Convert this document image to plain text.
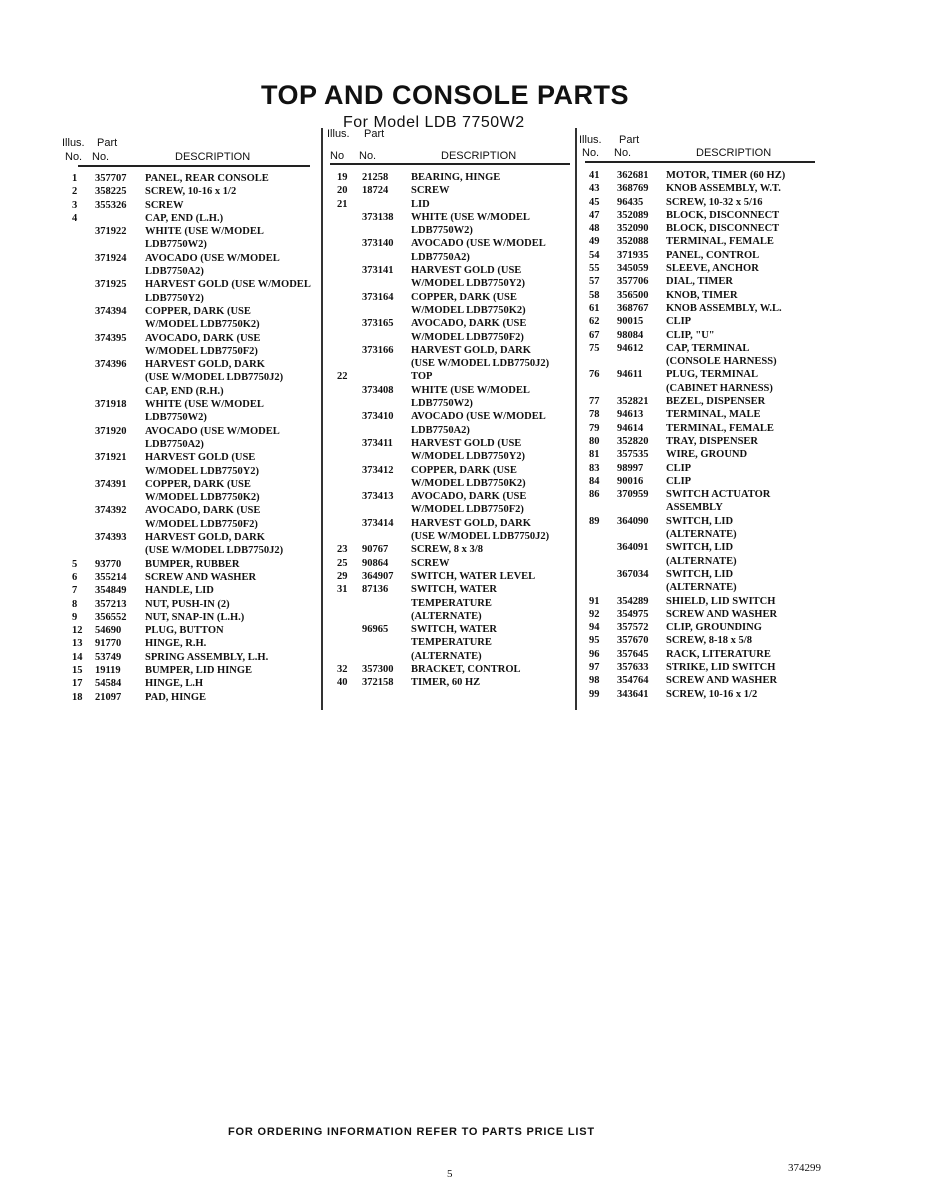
TOP AND CONSOLE PARTS
For Model LDB 7750W2
Illus. Part
No. No.	DESCRIPTION
1 357707 PANEL, REAR CONSOLE
2 358225 SCREW, 10-16 x 1/2
3 355326 SCREW
4	CAP, END (L.H.)
371922 WHITE (USE W/MODEL
LDB7750W2)
371924 AVOCADO (USE W/MODEL
LDB7750A2)
371925 HARVEST GOLD (USE W/MODEL
LDB7750Y2)
374394 COPPER, DARK (USE
W/MODEL LDB7750K2)
374395 AVOCADO, DARK (USE
W/MODEL LDB7750F2)
374396 HARVEST GOLD, DARK
(USE W/MODEL LDB7750J2)
CAP, END (R.H.)
371918 WHITE (USE W/MODEL
LDB7750W2)
371920 AVOCADO (USE W/MODEL
LDB7750A2)
371921 HARVEST GOLD (USE
W/MODEL LDB7750Y2)
374391 COPPER, DARK (USE
W/MODEL LDB7750K2)
374392 AVOCADO, DARK (USE
W/MODEL LDB7750F2)
374393 HARVEST GOLD, DARK
(USE W/MODEL LDB7750J2)
5 93770 BUMPER, RUBBER
6 355214 SCREW AND WASHER
7 354849 HANDLE, LID
8 357213 NUT, PUSH-IN (2)
9 356552 NUT, SNAP-IN (L.H.)
12 54690 PLUG, BUTTON
13 91770 HINGE, R.H.
14 53749 SPRING ASSEMBLY, L.H.
15 19119 BUMPER, LID HINGE
17 54584 HINGE, L.H
18 21097 PAD, HINGE
Illus. Part
No No.	DESCRIPTION
19 21258 BEARING, HINGE
20 18724 SCREW
21	LID
373138 WHITE (USE W/MODEL
LDB7750W2)
373140 AVOCADO (USE W/MODEL
LDB7750A2)
373141 HARVEST GOLD (USE
W/MODEL LDB7750Y2)
373164 COPPER, DARK (USE
W/MODEL LDB7750K2)
373165 AVOCADO, DARK (USE
W/MODEL LDB7750F2)
373166 HARVEST GOLD, DARK
(USE W/MODEL LDB7750J2)
22	TOP
373408 WHITE (USE W/MODEL
LDB7750W2)
373410 AVOCADO (USE W/MODEL
LDB7750A2)
373411 HARVEST GOLD (USE
W/MODEL LDB7750Y2)
373412 COPPER, DARK (USE
W/MODEL LDB7750K2)
373413 AVOCADO, DARK (USE
W/MODEL LDB7750F2)
373414 HARVEST GOLD, DARK
(USE W/MODEL LDB7750J2)
23 90767 SCREW, 8 x 3/8
25 90864 SCREW
29 364907 SWITCH, WATER LEVEL
31 87136 SWITCH, WATER
TEMPERATURE
(ALTERNATE)
96965 SWITCH, WATER
TEMPERATURE
(ALTERNATE)
32 357300 BRACKET, CONTROL
40 372158 TIMER, 60 HZ
Illus. Part
No. No.	DESCRIPTION
41 362681 MOTOR, TIMER (60 HZ)
43 368769 KNOB ASSEMBLY, W.T.
45 96435 SCREW, 10-32 x 5/16
47 352089 BLOCK, DISCONNECT
48 352090 BLOCK, DISCONNECT
49 352088 TERMINAL, FEMALE
54 371935 PANEL, CONTROL
55 345059 SLEEVE, ANCHOR
57 357706 DIAL, TIMER
58 356500 KNOB, TIMER
61 368767 KNOB ASSEMBLY, W.L.
62 90015 CLIP
67 98084 CLIP, "U"
75 94612 CAP, TERMINAL
(CONSOLE HARNESS)
76 94611 PLUG, TERMINAL
(CABINET HARNESS)
77 352821 BEZEL, DISPENSER
78 94613 TERMINAL, MALE
79 94614 TERMINAL, FEMALE
80 352820 TRAY, DISPENSER
81 357535 WIRE, GROUND
83 98997 CLIP
84 90016 CLIP
86 370959 SWITCH ACTUATOR
ASSEMBLY
89 364090 SWITCH, LID
(ALTERNATE)
364091 SWITCH, LID
(ALTERNATE)
367034 SWITCH, LID
(ALTERNATE)
91 354289 SHIELD, LID SWITCH
92 354975 SCREW AND WASHER
94 357572 CLIP, GROUNDING
95 357670 SCREW, 8-18 x 5/8
96 357645 RACK, LITERATURE
97 357633 STRIKE, LID SWITCH
98 354764 SCREW AND WASHER
99 343641 SCREW, 10-16 x 1/2
FOR ORDERING INFORMATION REFER TO PARTS PRICE LIST
5	374299
